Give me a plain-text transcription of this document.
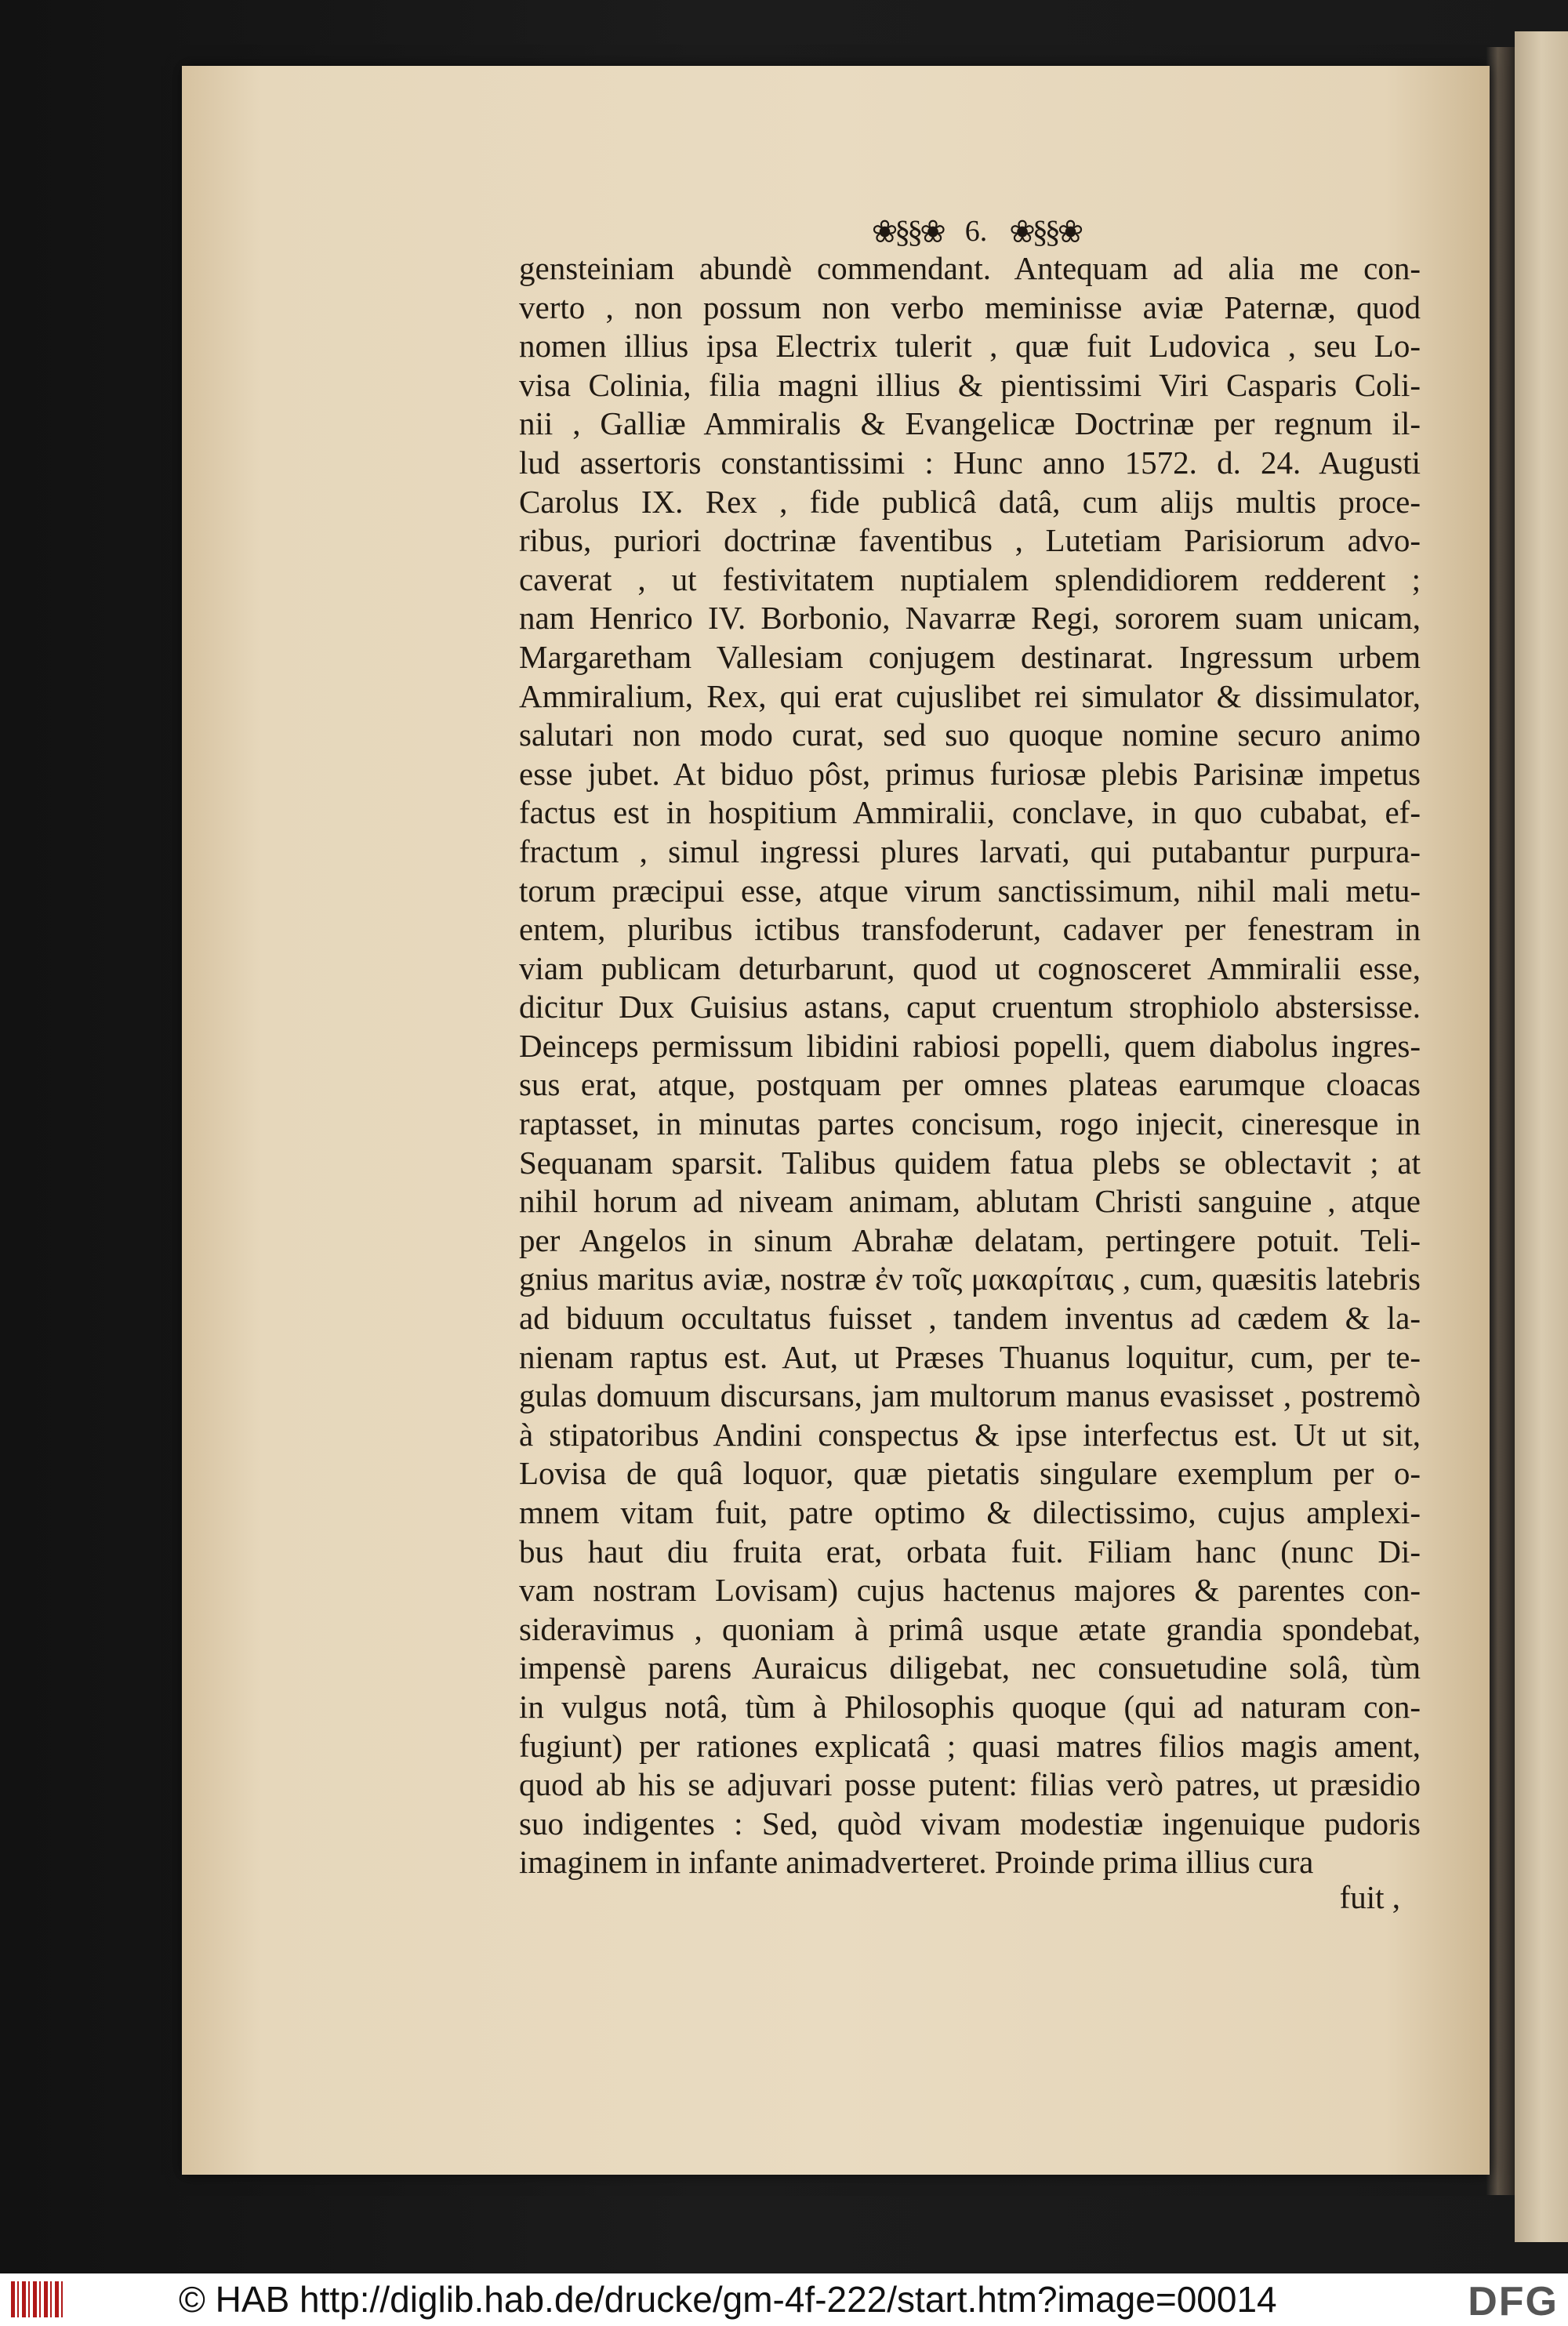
❀§§❀ 6. ❀§§❀
gensteiniam abundè commendant. Antequam ad alia me con-
verto , non possum non verbo meminisse aviæ Paternæ, quod
nomen illius ipsa Electrix tulerit , quæ fuit Ludovica , seu Lo-
visa Colinia, filia magni illius & pientissimi Viri Casparis Coli-
nii , Galliæ Ammiralis & Evangelicæ Doctrinæ per regnum il-
lud assertoris constantissimi : Hunc anno 1572. d. 24. Augusti
Carolus IX. Rex , fide publicâ datâ, cum alijs multis proce-
ribus, puriori doctrinæ faventibus , Lutetiam Parisiorum advo-
caverat , ut festivitatem nuptialem splendidiorem redderent ;
nam Henrico IV. Borbonio, Navarræ Regi, sororem suam unicam,
Margaretham Vallesiam conjugem destinarat. Ingressum urbem
Ammiralium, Rex, qui erat cujuslibet rei simulator & dissimulator,
salutari non modo curat, sed suo quoque nomine securo animo
esse jubet. At biduo pôst, primus furiosæ plebis Parisinæ impetus
factus est in hospitium Ammiralii, conclave, in quo cubabat, ef-
fractum , simul ingressi plures larvati, qui putabantur purpura-
torum præcipui esse, atque virum sanctissimum, nihil mali metu-
entem, pluribus ictibus transfoderunt, cadaver per fenestram in
viam publicam deturbarunt, quod ut cognosceret Ammiralii esse,
dicitur Dux Guisius astans, caput cruentum strophiolo abstersisse.
Deinceps permissum libidini rabiosi popelli, quem diabolus ingres-
sus erat, atque, postquam per omnes plateas earumque cloacas
raptasset, in minutas partes concisum, rogo injecit, cineresque in
Sequanam sparsit. Talibus quidem fatua plebs se oblectavit ; at
nihil horum ad niveam animam, ablutam Christi sanguine , atque
per Angelos in sinum Abrahæ delatam, pertingere potuit. Teli-
gnius maritus aviæ, nostræ ἐν τοῖς μακαρίταις , cum, quæsitis latebris
ad biduum occultatus fuisset , tandem inventus ad cædem & la-
nienam raptus est. Aut, ut Præses Thuanus loquitur, cum, per te-
gulas domuum discursans, jam multorum manus evasisset , postremò
à stipatoribus Andini conspectus & ipse interfectus est. Ut ut sit,
Lovisa de quâ loquor, quæ pietatis singulare exemplum per o-
mnem vitam fuit, patre optimo & dilectissimo, cujus amplexi-
bus haut diu fruita erat, orbata fuit. Filiam hanc (nunc Di-
vam nostram Lovisam) cujus hactenus majores & parentes con-
sideravimus , quoniam à primâ usque ætate grandia spondebat,
impensè parens Auraicus diligebat, nec consuetudine solâ, tùm
in vulgus notâ, tùm à Philosophis quoque (qui ad naturam con-
fugiunt) per rationes explicatâ ; quasi matres filios magis ament,
quod ab his se adjuvari posse putent: filias verò patres, ut præsidio
suo indigentes : Sed, quòd vivam modestiæ ingenuique pudoris
imaginem in infante animadverteret. Proinde prima illius cura
fuit ,
© HAB http://diglib.hab.de/drucke/gm-4f-222/start.htm?image=00014	DFG
